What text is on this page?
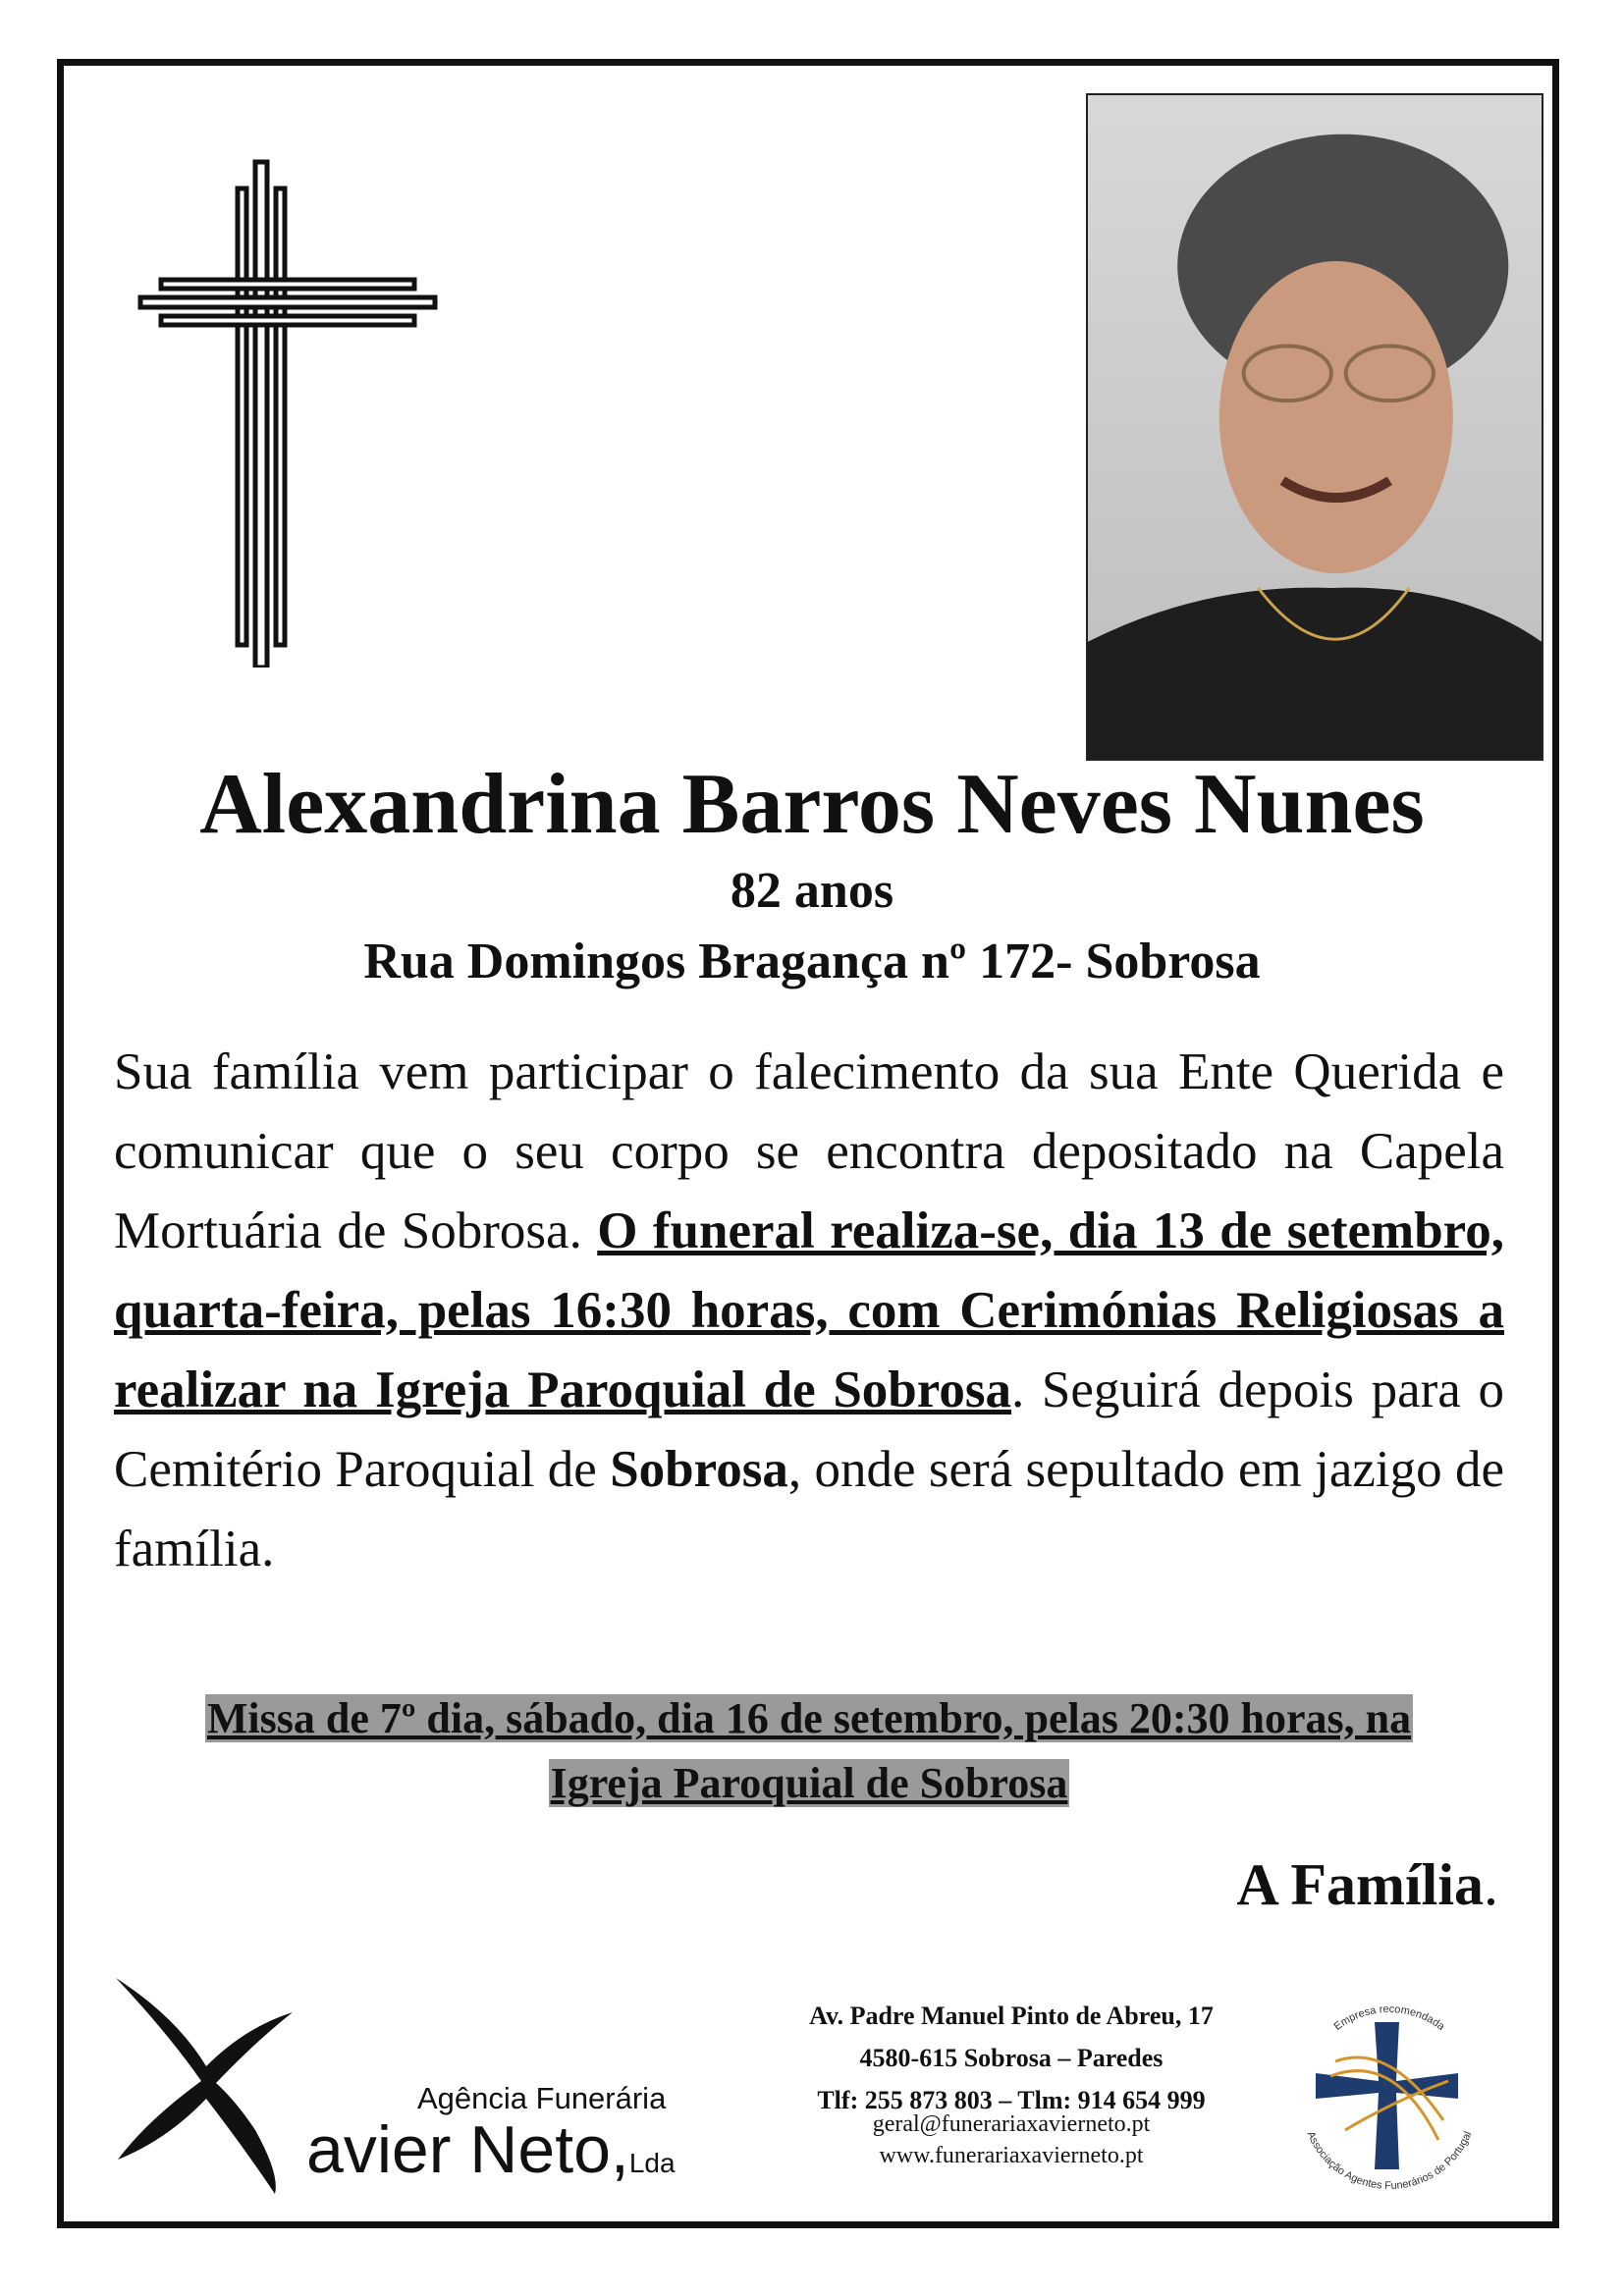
Alexandrina Barros Neves Nunes
82 anos
Rua Domingos Bragança nº 172- Sobrosa
Sua família vem participar o falecimento da sua Ente Querida e comunicar que o seu corpo se encontra depositado na Capela Mortuária de Sobrosa. O funeral realiza-se, dia 13 de setembro, quarta-feira, pelas 16:30 horas, com Cerimónias Religiosas a realizar na Igreja Paroquial de Sobrosa. Seguirá depois para o Cemitério Paroquial de Sobrosa, onde será sepultado em jazigo de família.
Missa de 7º dia, sábado, dia 16 de setembro, pelas 20:30 horas, na
Igreja Paroquial de Sobrosa
A Família.
Agência Funerária
avier Neto,Lda
Av. Padre Manuel Pinto de Abreu, 17
4580-615 Sobrosa – Paredes
Tlf: 255 873 803 – Tlm: 914 654 999
geral@funerariaxavierneto.pt
www.funerariaxavierneto.pt
Empresa recomendada
Associação Agentes Funerários de Portugal
